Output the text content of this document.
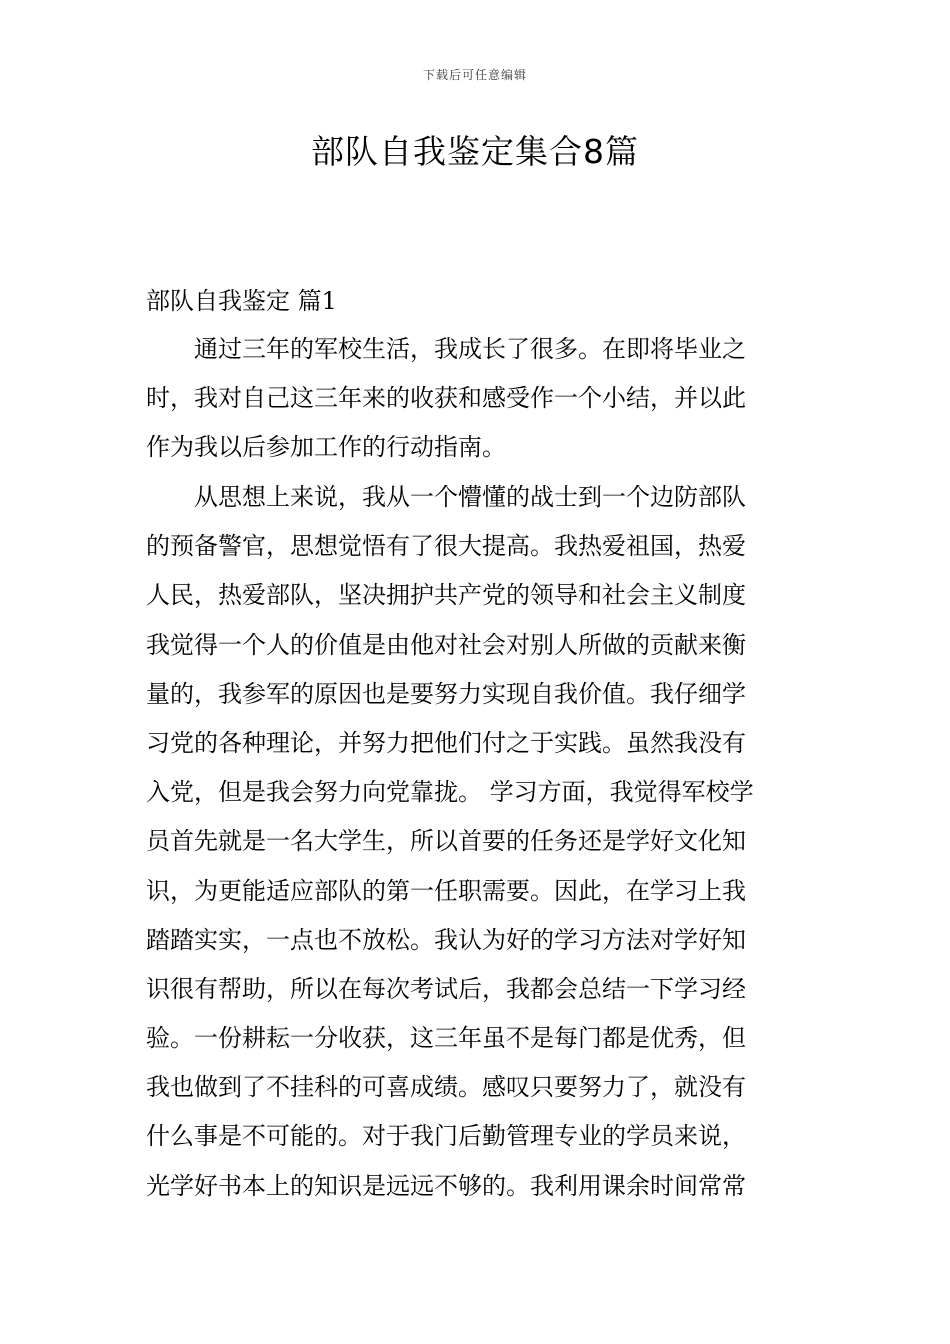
下载后可任意编辑
部队自我鉴定集合8篇
部队自我鉴定 篇1
　　通过三年的军校生活，我成长了很多。在即将毕业之
时，我对自己这三年来的收获和感受作一个小结，并以此
作为我以后参加工作的行动指南。
　　从思想上来说，我从一个懵懂的战士到一个边防部队
的预备警官，思想觉悟有了很大提高。我热爱祖国，热爱
人民，热爱部队，坚决拥护共产党的领导和社会主义制度
我觉得一个人的价值是由他对社会对别人所做的贡献来衡
量的，我参军的原因也是要努力实现自我价值。我仔细学
习党的各种理论，并努力把他们付之于实践。虽然我没有
入党，但是我会努力向党靠拢。 学习方面，我觉得军校学
员首先就是一名大学生，所以首要的任务还是学好文化知
识，为更能适应部队的第一任职需要。因此，在学习上我
踏踏实实，一点也不放松。我认为好的学习方法对学好知
识很有帮助，所以在每次考试后，我都会总结一下学习经
验。一份耕耘一分收获，这三年虽不是每门都是优秀，但
我也做到了不挂科的可喜成绩。感叹只要努力了，就没有
什么事是不可能的。对于我门后勤管理专业的学员来说，
光学好书本上的知识是远远不够的。我利用课余时间常常
